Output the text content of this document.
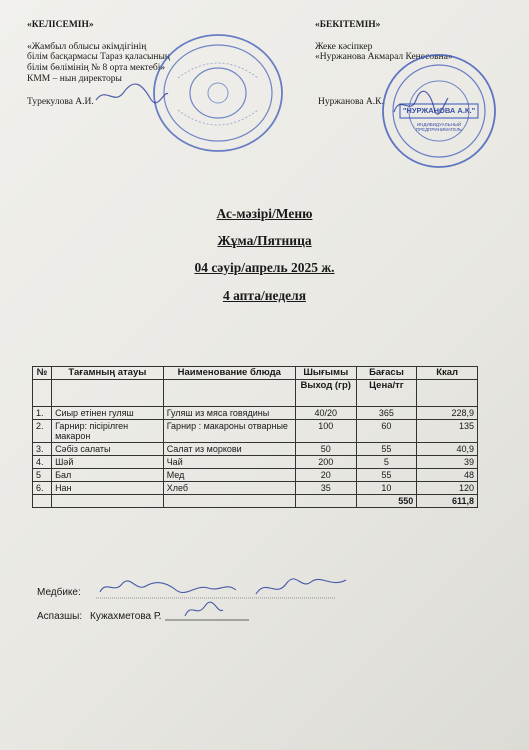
«КЕЛІСЕМІН»
«Жамбыл облысы әкімдігінің
білім басқармасы Тараз қаласының
білім бөлімінің № 8 орта мектебі»
КММ – нын директоры
Турекулова А.И.
«БЕКІТЕМІН»
Жеке кәсіпкер
«Нуржанова Акмарал Кенесовна»
Нуржанова А.К.
"НУРЖАНОВА А.К."
ИНДИВИДУАЛЬНЫЙ ПРЕДПРИНИМАТЕЛЬ
Ас-мәзірі/Меню
Жұма/Пятница
04 сәуір/апрель 2025 ж.
4 апта/неделя
№	Тағамның атауы	Наименование блюда	Шығымы	Бағасы	Ккал
			Выход (гр)	Цена/тг	
1.	Сиыр етінен гуляш	Гуляш из мяса говядины	40/20	365	228,9
2.	Гарнир: пісірілген макарон	Гарнир : макароны отварные	100	60	135
3.	Сәбіз салаты	Салат из моркови	50	55	40,9
4.	Шәй	Чай	200	5	39
5	Бал	Мед	20	55	48
6.	Нан	Хлеб	35	10	120
				550	611,8
Медбике:
Аспазшы: Кужахметова Р.
